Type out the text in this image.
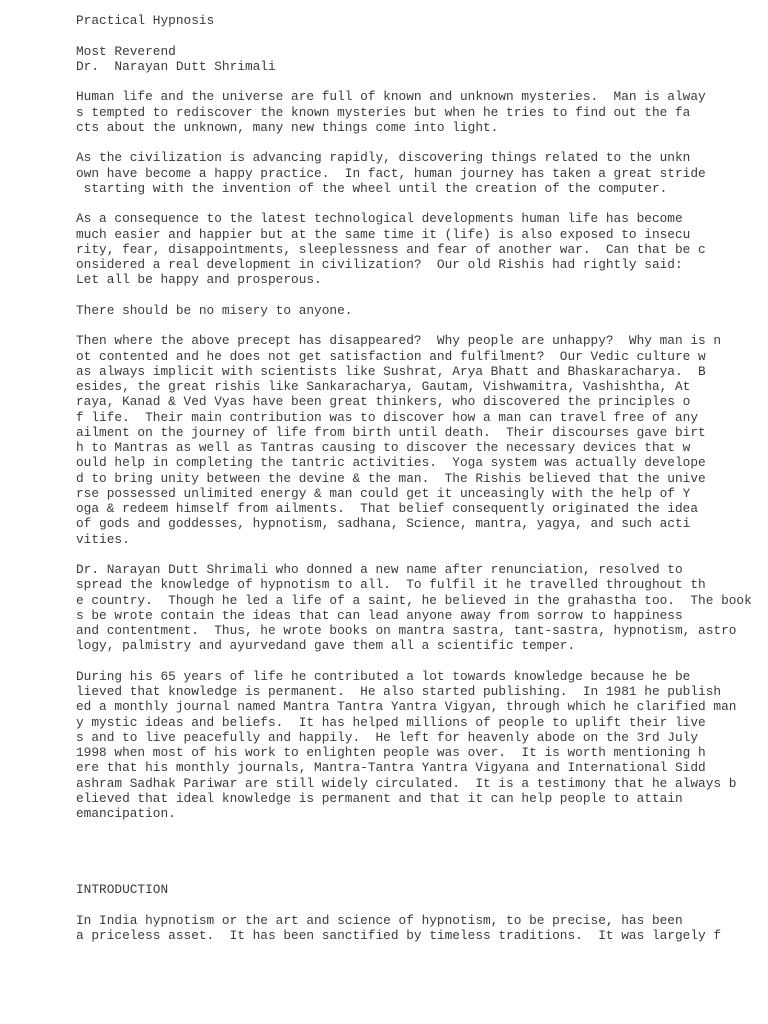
Practical Hypnosis
Most Reverend
Dr.  Narayan Dutt Shrimali
Human life and the universe are full of known and unknown mysteries.  Man is alway
s tempted to rediscover the known mysteries but when he tries to find out the fa
cts about the unknown, many new things come into light.
As the civilization is advancing rapidly, discovering things related to the unkn
own have become a happy practice.  In fact, human journey has taken a great stride
starting with the invention of the wheel until the creation of the computer.
As a consequence to the latest technological developments human life has become
much easier and happier but at the same time it (life) is also exposed to insecu
rity, fear, disappointments, sleeplessness and fear of another war.  Can that be c
onsidered a real development in civilization?  Our old Rishis had rightly said:
Let all be happy and prosperous.
There should be no misery to anyone.
Then where the above precept has disappeared?  Why people are unhappy?  Why man is n
ot contented and he does not get satisfaction and fulfilment?  Our Vedic culture w
as always implicit with scientists like Sushrat, Arya Bhatt and Bhaskaracharya.  B
esides, the great rishis like Sankaracharya, Gautam, Vishwamitra, Vashishtha, At
raya, Kanad & Ved Vyas have been great thinkers, who discovered the principles o
f life.  Their main contribution was to discover how a man can travel free of any
ailment on the journey of life from birth until death.  Their discourses gave birt
h to Mantras as well as Tantras causing to discover the necessary devices that w
ould help in completing the tantric activities.  Yoga system was actually develope
d to bring unity between the devine & the man.  The Rishis believed that the unive
rse possessed unlimited energy & man could get it unceasingly with the help of Y
oga & redeem himself from ailments.  That belief consequently originated the idea
of gods and goddesses, hypnotism, sadhana, Science, mantra, yagya, and such acti
vities.
Dr. Narayan Dutt Shrimali who donned a new name after renunciation, resolved to
spread the knowledge of hypnotism to all.  To fulfil it he travelled throughout th
e country.  Though he led a life of a saint, he believed in the grahastha too.  The book
s be wrote contain the ideas that can lead anyone away from sorrow to happiness
and contentment.  Thus, he wrote books on mantra sastra, tant-sastra, hypnotism, astro
logy, palmistry and ayurvedand gave them all a scientific temper.
During his 65 years of life he contributed a lot towards knowledge because he be
lieved that knowledge is permanent.  He also started publishing.  In 1981 he publish
ed a monthly journal named Mantra Tantra Yantra Vigyan, through which he clarified man
y mystic ideas and beliefs.  It has helped millions of people to uplift their live
s and to live peacefully and happily.  He left for heavenly abode on the 3rd July
1998 when most of his work to enlighten people was over.  It is worth mentioning h
ere that his monthly journals, Mantra-Tantra Yantra Vigyana and International Sidd
ashram Sadhak Pariwar are still widely circulated.  It is a testimony that he always b
elieved that ideal knowledge is permanent and that it can help people to attain
emancipation.
INTRODUCTION
In India hypnotism or the art and science of hypnotism, to be precise, has been
a priceless asset.  It has been sanctified by timeless traditions.  It was largely f
